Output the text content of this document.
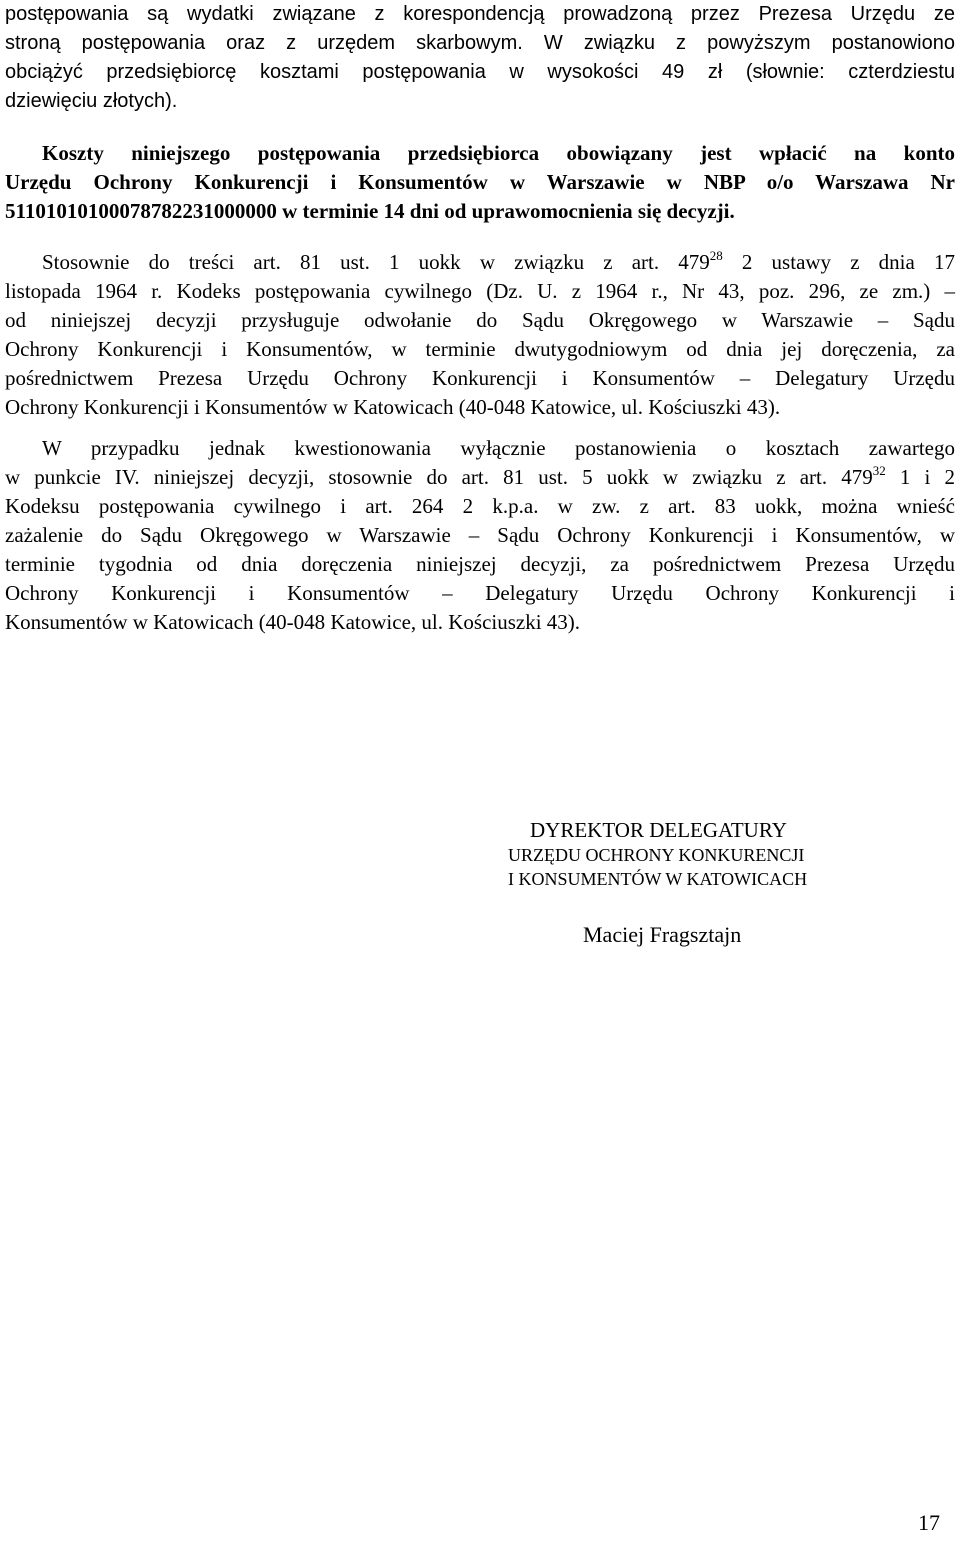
postępowania są wydatki związane z korespondencją prowadzoną przez Prezesa Urzędu ze
stroną postępowania oraz z urzędem skarbowym. W związku z powyższym postanowiono
obciążyć przedsiębiorcę kosztami postępowania w wysokości 49 zł (słownie: czterdziestu
dziewięciu złotych).

Koszty niniejszego postępowania przedsiębiorca obowiązany jest wpłacić na konto
Urzędu Ochrony Konkurencji i Konsumentów w Warszawie w NBP o/o Warszawa Nr
51101010100078782231000000 w terminie 14 dni od uprawomocnienia się decyzji.

Stosownie do treści art. 81 ust. 1 uokk w związku z art. $479^{28}$ 2 ustawy z dnia 17
listopada 1964 r. Kodeks postępowania cywilnego (Dz. U. z 1964 r., Nr 43, poz. 296, ze zm.) –
od niniejszej decyzji przysługuje odwołanie do Sądu Okręgowego w Warszawie – Sądu
Ochrony Konkurencji i Konsumentów, w terminie dwutygodniowym od dnia jej doręczenia, za
pośrednictwem Prezesa Urzędu Ochrony Konkurencji i Konsumentów – Delegatury Urzędu
Ochrony Konkurencji i Konsumentów w Katowicach (40-048 Katowice, ul. Kościuszki 43).

W przypadku jednak kwestionowania wyłącznie postanowienia o kosztach zawartego
w punkcie IV. niniejszej decyzji, stosownie do art. 81 ust. 5 uokk w związku z art. $479^{32}$ 1 i 2
Kodeksu postępowania cywilnego i art. 264 2 k.p.a. w zw. z art. 83 uokk, można wnieść
zażalenie do Sądu Okręgowego w Warszawie – Sądu Ochrony Konkurencji i Konsumentów, w
terminie tygodnia od dnia doręczenia niniejszej decyzji, za pośrednictwem Prezesa Urzędu
Ochrony Konkurencji i Konsumentów – Delegatury Urzędu Ochrony Konkurencji i
Konsumentów w Katowicach (40-048 Katowice, ul. Kościuszki 43).

DYREKTOR DELEGATURY
URZĘDU OCHRONY KONKURENCJI
I KONSUMENTÓW W KATOWICACH
Maciej Fragsztajn
17
